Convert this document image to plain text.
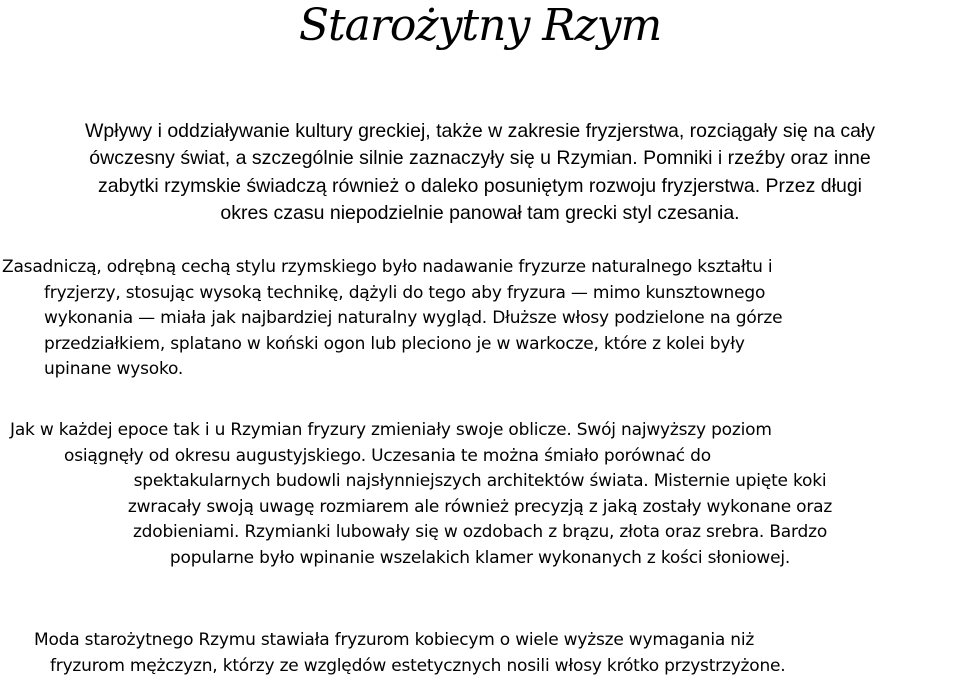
Starożytny Rzym
Wpływy i oddziaływanie kultury greckiej, także w zakresie fryzjerstwa, rozciągały się na cały
ówczesny świat, a szczególnie silnie zaznaczyły się u Rzymian. Pomniki i rzeźby oraz inne
zabytki rzymskie świadczą również o daleko posuniętym rozwoju fryzjerstwa. Przez długi
okres czasu niepodzielnie panował tam grecki styl czesania.
Zasadniczą, odrębną cechą stylu rzymskiego było nadawanie fryzurze naturalnego kształtu i
fryzjerzy, stosując wysoką technikę, dążyli do tego aby fryzura — mimo kunsztownego
wykonania — miała jak najbardziej naturalny wygląd. Dłuższe włosy podzielone na górze
przedziałkiem, splatano w koński ogon lub pleciono je w warkocze, które z kolei były
upinane wysoko.
Jak w każdej epoce tak i u Rzymian fryzury zmieniały swoje oblicze. Swój najwyższy poziom
osiągnęły od okresu augustyjskiego. Uczesania te można śmiało porównać do
spektakularnych budowli najsłynniejszych architektów świata. Misternie upięte koki
zwracały swoją uwagę rozmiarem ale również precyzją z jaką zostały wykonane oraz
zdobieniami. Rzymianki lubowały się w ozdobach z brązu, złota oraz srebra. Bardzo
popularne było wpinanie wszelakich klamer wykonanych z kości słoniowej.
Moda starożytnego Rzymu stawiała fryzurom kobiecym o wiele wyższe wymagania niż
fryzurom mężczyzn, którzy ze względów estetycznych nosili włosy krótko przystrzyżone.
